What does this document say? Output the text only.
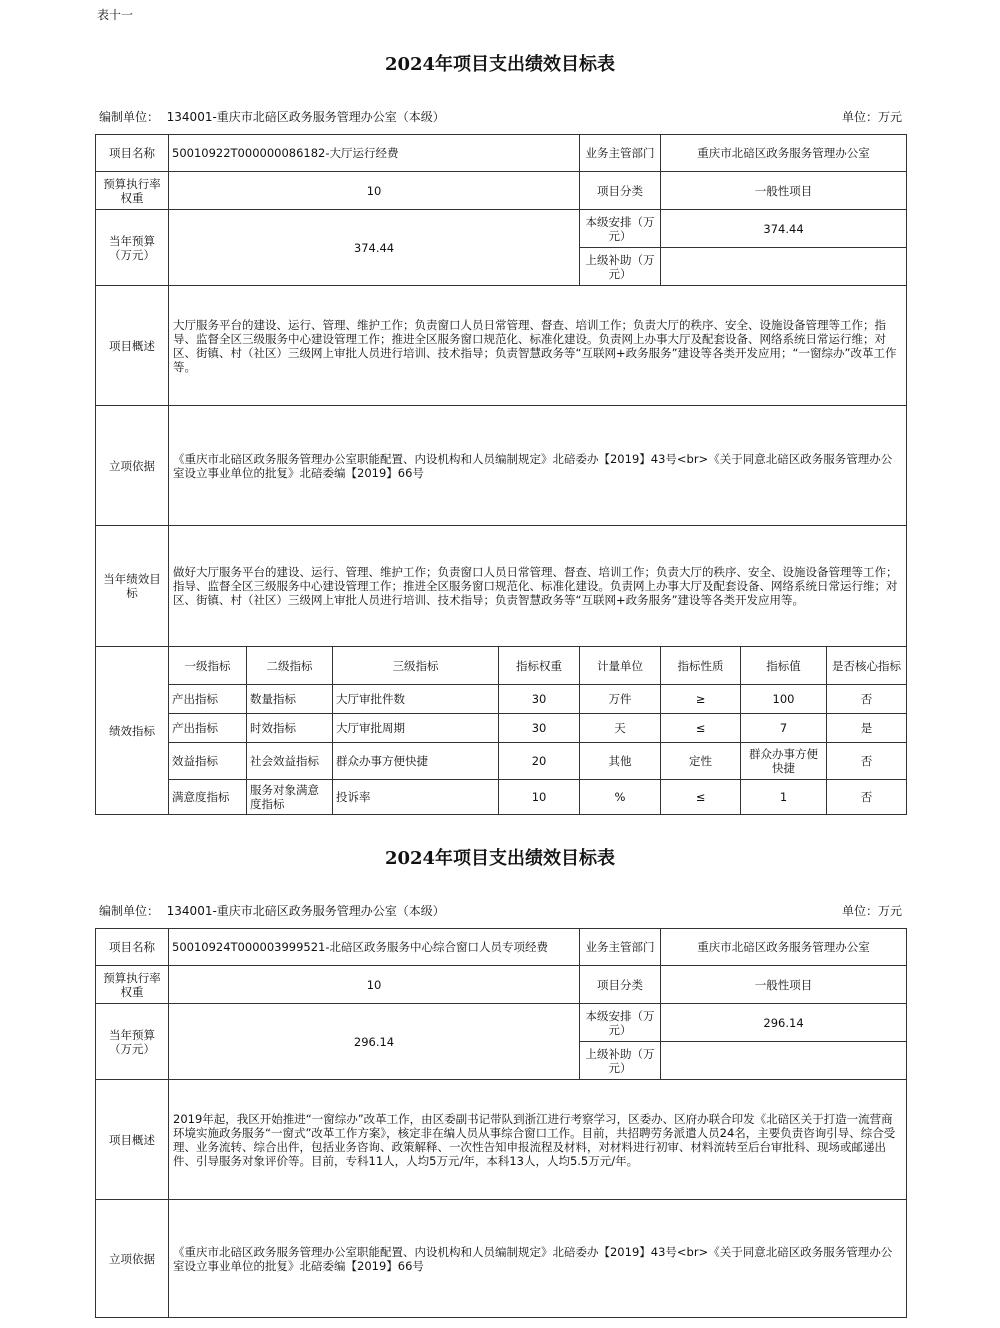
表十一
2024年项目支出绩效目标表
编制单位： 134001-重庆市北碚区政务服务管理办公室（本级）	单位：万元
项目名称	50010922T000000086182-大厅运行经费				业务主管部门	重庆市北碚区政务服务管理办公室		
预算执行率权重	10				项目分类	一般性项目		
当年预算（万元）	374.44				本级安排（万元）	374.44		
					上级补助（万元）			
项目概述	大厅服务平台的建设、运行、管理、维护工作；负责窗口人员日常管理、督查、培训工作；负责大厅的秩序、安全、设施设备管理等工作；指导、监督全区三级服务中心建设管理工作；推进全区服务窗口规范化、标准化建设。负责网上办事大厅及配套设备、网络系统日常运行维；对区、街镇、村（社区）三级网上审批人员进行培训、技术指导；负责智慧政务等“互联网+政务服务”建设等各类开发应用；“一窗综办”改革工作等。							
立项依据	《重庆市北碚区政务服务管理办公室职能配置、内设机构和人员编制规定》北碚委办【2019】43号<br>《关于同意北碚区政务服务管理办公室设立事业单位的批复》北碚委编【2019】66号							
当年绩效目标	做好大厅服务平台的建设、运行、管理、维护工作；负责窗口人员日常管理、督查、培训工作；负责大厅的秩序、安全、设施设备管理等工作；指导、监督全区三级服务中心建设管理工作；推进全区服务窗口规范化、标准化建设。负责网上办事大厅及配套设备、网络系统日常运行维；对区、街镇、村（社区）三级网上审批人员进行培训、技术指导；负责智慧政务等“互联网+政务服务”建设等各类开发应用等。							
绩效指标	一级指标	二级指标	三级指标	指标权重	计量单位	指标性质	指标值	是否核心指标
	产出指标	数量指标	大厅审批件数	30	万件	≥	100	否
	产出指标	时效指标	大厅审批周期	30	天	≤	7	是
	效益指标	社会效益指标	群众办事方便快捷	20	其他	定性	群众办事方便快捷	否
	满意度指标	服务对象满意度指标	投诉率	10	%	≤	1	否
2024年项目支出绩效目标表
编制单位： 134001-重庆市北碚区政务服务管理办公室（本级）	单位：万元
项目名称	50010924T000003999521-北碚区政务服务中心综合窗口人员专项经费	业务主管部门	重庆市北碚区政务服务管理办公室
预算执行率权重	10	项目分类	一般性项目
当年预算（万元）	296.14	本级安排（万元）	296.14
		上级补助（万元）	
项目概述	2019年起，我区开始推进“一窗综办”改革工作，由区委副书记带队到浙江进行考察学习，区委办、区府办联合印发《北碚区关于打造一流营商环境实施政务服务“一窗式”改革工作方案》，核定非在编人员从事综合窗口工作。目前，共招聘劳务派遣人员24名，主要负责咨询引导、综合受理、业务流转、综合出件，包括业务咨询、政策解释、一次性告知申报流程及材料，对材料进行初审、材料流转至后台审批科、现场或邮递出件、引导服务对象评价等。目前，专科11人，人均5万元/年，本科13人，人均5.5万元/年。		
立项依据	《重庆市北碚区政务服务管理办公室职能配置、内设机构和人员编制规定》北碚委办【2019】43号<br>《关于同意北碚区政务服务管理办公室设立事业单位的批复》北碚委编【2019】66号		
